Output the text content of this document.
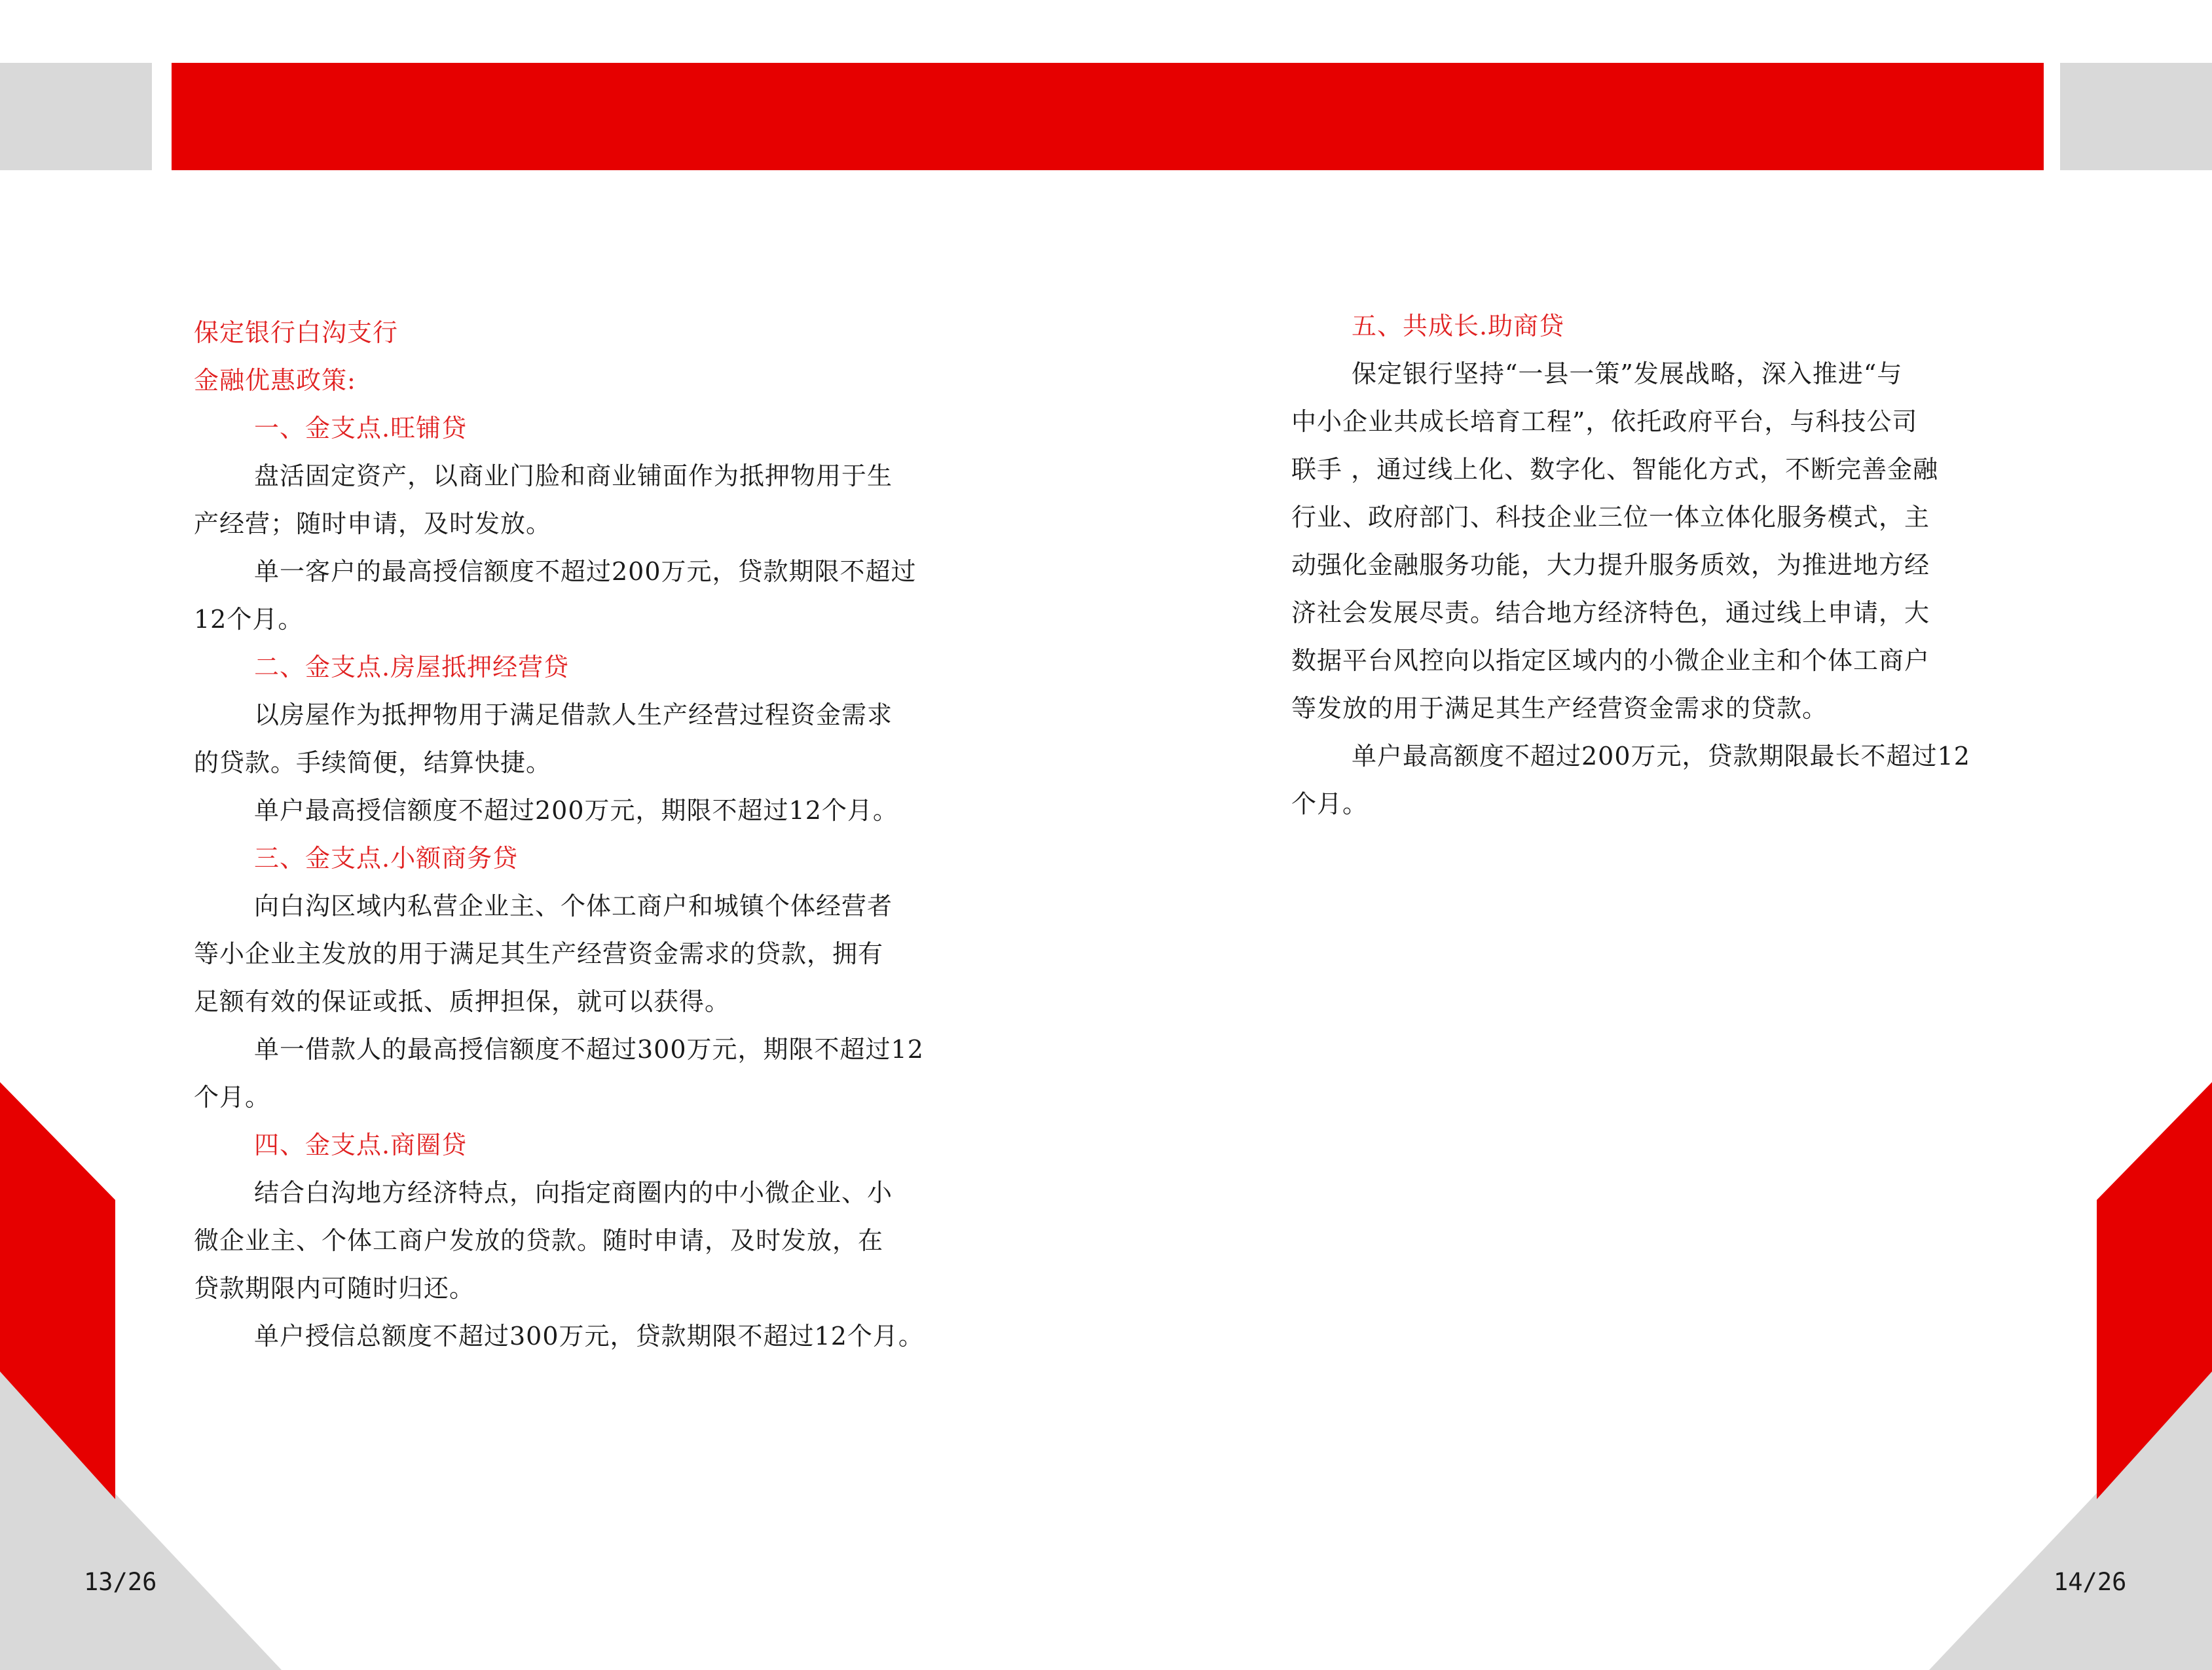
保定银行白沟支行
金融优惠政策:
一、金支点.旺铺贷
盘活固定资产，以商业门脸和商业铺面作为抵押物用于生
产经营；随时申请，及时发放。
单一客户的最高授信额度不超过200万元，贷款期限不超过
12个月。
二、金支点.房屋抵押经营贷
以房屋作为抵押物用于满足借款人生产经营过程资金需求
的贷款。手续简便，结算快捷。
单户最高授信额度不超过200万元，期限不超过12个月。
三、金支点.小额商务贷
向白沟区域内私营企业主、个体工商户和城镇个体经营者
等小企业主发放的用于满足其生产经营资金需求的贷款，拥有
足额有效的保证或抵、质押担保，就可以获得。
单一借款人的最高授信额度不超过300万元，期限不超过12
个月。
四、金支点.商圈贷
结合白沟地方经济特点，向指定商圈内的中小微企业、小
微企业主、个体工商户发放的贷款。随时申请，及时发放，在
贷款期限内可随时归还。
单户授信总额度不超过300万元，贷款期限不超过12个月。
五、共成长.助商贷
保定银行坚持“一县一策”发展战略，深入推进“与
中小企业共成长培育工程”，依托政府平台，与科技公司
联手 ，通过线上化、数字化、智能化方式，不断完善金融
行业、政府部门、科技企业三位一体立体化服务模式，主
动强化金融服务功能，大力提升服务质效，为推进地方经
济社会发展尽责。结合地方经济特色，通过线上申请，大
数据平台风控向以指定区域内的小微企业主和个体工商户
等发放的用于满足其生产经营资金需求的贷款。
单户最高额度不超过200万元，贷款期限最长不超过12
个月。
13/26	14/26
